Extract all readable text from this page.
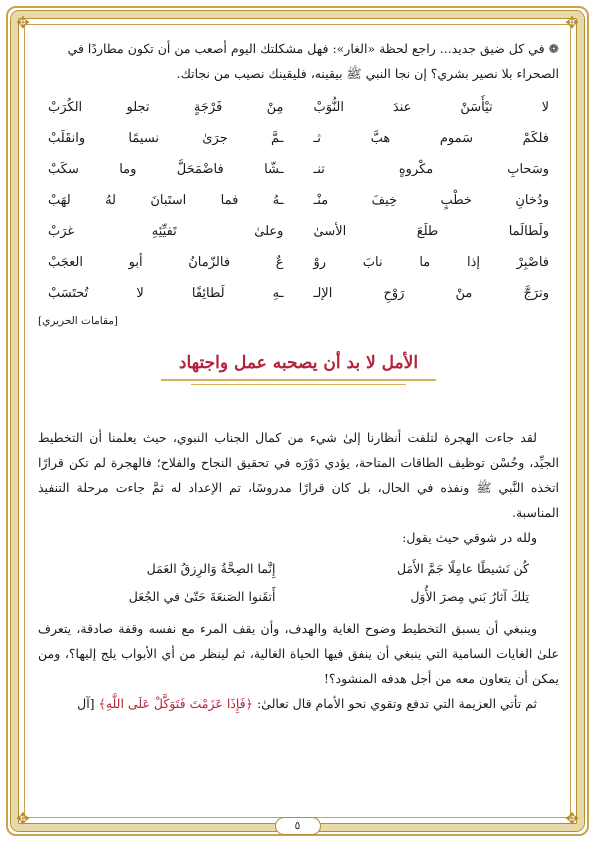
✥	✥
✥	✥

❁ في كل ضيق جديد... راجع لحظة «الغار»: فهل مشكلتك اليوم أصعب من أن تكون مطاردًا في

الصحراء بلا نصير بشري؟ إن نجا النبي ﷺ بيقينه، فليقينك نصيب من نجاتك.

لا تيْأَسَنْ عندَ النُّوَبْ
مِنْ فَرْجَةٍ تجلو الكُرَبْ
فلكَمْ سَموم هبَّ ثـ
ـمَّ جرَىٰ نسيمًا وانقَلَبْ
وسَحابِ مكْروهٍ تنـ
ـشّا فاضْمَحَلَّ وما سكَبْ
ودُخانِ خطْبٍ خِيفَ منْـ
ـهُ فما استَبانَ لهُ لهَبْ
ولَطالَما طلَعَ الأسىٰ
وعلىٰ تَفيِّئِهِ غرَبْ
فاصْبِرْ إذا ما نابَ روْ
عٌ فالزّمانُ أبو العجَبْ
وترَجَّ منْ رَوْحِ الإلـ
ـهِ لَطائِفًا لا تُحتَسَبْ
[مقامات الحريري]
الأمل لا بد أن يصحبه عمل واجتهاد

لقد جاءت الهجرة لتلفت أنظارنا إلىٰ شيء من كمال الجناب النبوي، حيث يعلمنا أن التخطيط الجيِّد، وحُسْن توظيف الطاقات المتاحة، يؤدي دَوْرَه في تحقيق النجاح والفلاح؛ فالهجرة لم تكن قرارًا اتخذه النَّبي ﷺ ونفذه في الحال، بل كان قرارًا مدروسًا، تم الإعداد له ثمَّ جاءت مرحلة التنفيذ المناسبة.

ولله در شوقي حيث يقول:

كُن نَشيطًا عامِلًا جَمَّ الأَمَل
إِنَّما الصِحَّةُ وَالرِزقُ العَمَل
تِلكَ آثارُ بَني مِصرَ الأُوَل
أَتقَنوا الصَنعَةَ حَتّىٰ في الجُعَل

وينبغي أن يسبق التخطيط وضوح الغاية والهدف، وأن يقف المرء مع نفسه وقفة صادقة، يتعرف علىٰ الغايات السامية التي ينبغي أن ينفق فيها الحياة الغالية، ثم لينظر من أي الأبواب يلج إليها؟، ومن يمكن أن يتعاون معه من أجل هدفه المنشود؟!

ثم تأتي العزيمة التي تدفع وتقوي نحو الأمام قال تعالىٰ: ﴿فَإِذَا عَزَمْتَ فَتَوَكَّلْ عَلَى اللَّهِ﴾ [آل

٥
